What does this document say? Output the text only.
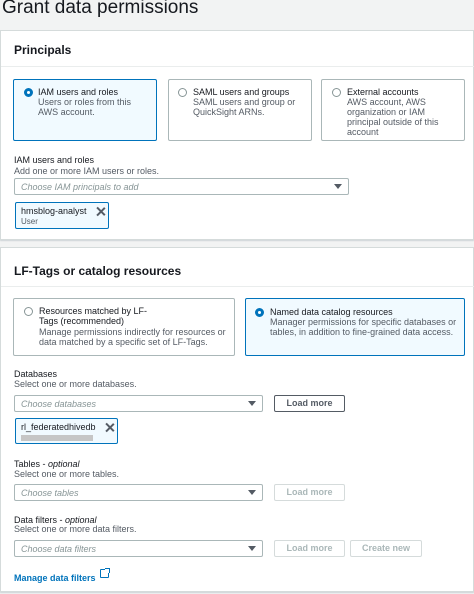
Grant data permissions
Principals
IAM users and roles
Users or roles from this AWS account.
SAML users and groups
SAML users and group or QuickSight ARNs.
External accounts
AWS account, AWS organization or IAM principal outside of this account
IAM users and roles
Add one or more IAM users or roles.
Choose IAM principals to add
hmsblog-analyst
User
LF-Tags or catalog resources
Resources matched by LF-Tags (recommended)
Manage permissions indirectly for resources or data matched by a specific set of LF-Tags.
Named data catalog resources
Manager permissions for specific databases or tables, in addition to fine-grained data access.
Databases
Select one or more databases.
Choose databases	Load more
rl_federatedhivedb
Tables - optional
Select one or more tables.
Choose tables	Load more
Data filters - optional
Select one or more data filters.
Choose data filters	Load more	Create new
Manage data filters
